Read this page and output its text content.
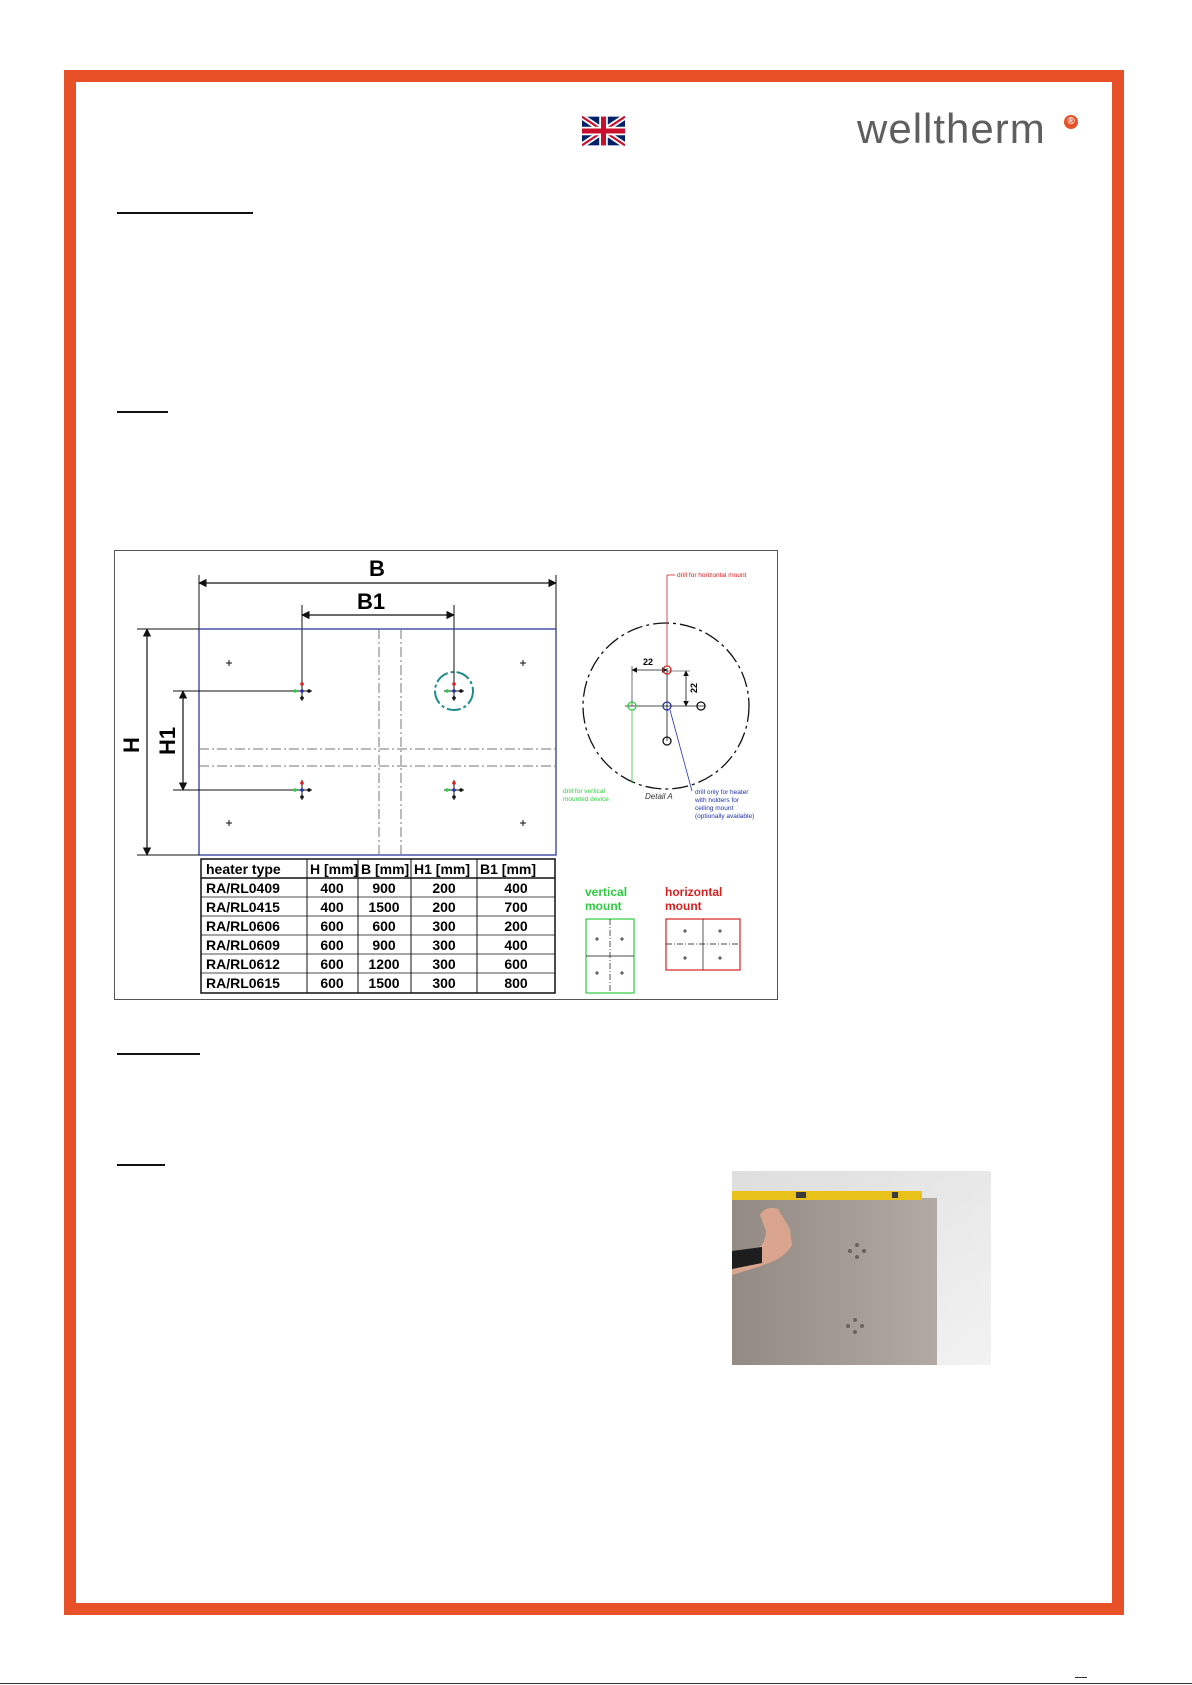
welltherm	®
B
B1
H H1
22
22
Detail A
drill for horizontal mount
drill for vertical
mounted device
drill only for heater
with holders for
ceiling mount
(optionally available)
heater type H [mm] B [mm] H1 [mm] B1 [mm]
RA/RL0409	400 900	200	400
RA/RL0415	400 1500 200	700
RA/RL0606	600 600	300	200
RA/RL0609	600 900	300	400
RA/RL0612	600 1200 300	600
RA/RL0615	600 1500 300	800
vertical
mount
horizontal
mount
